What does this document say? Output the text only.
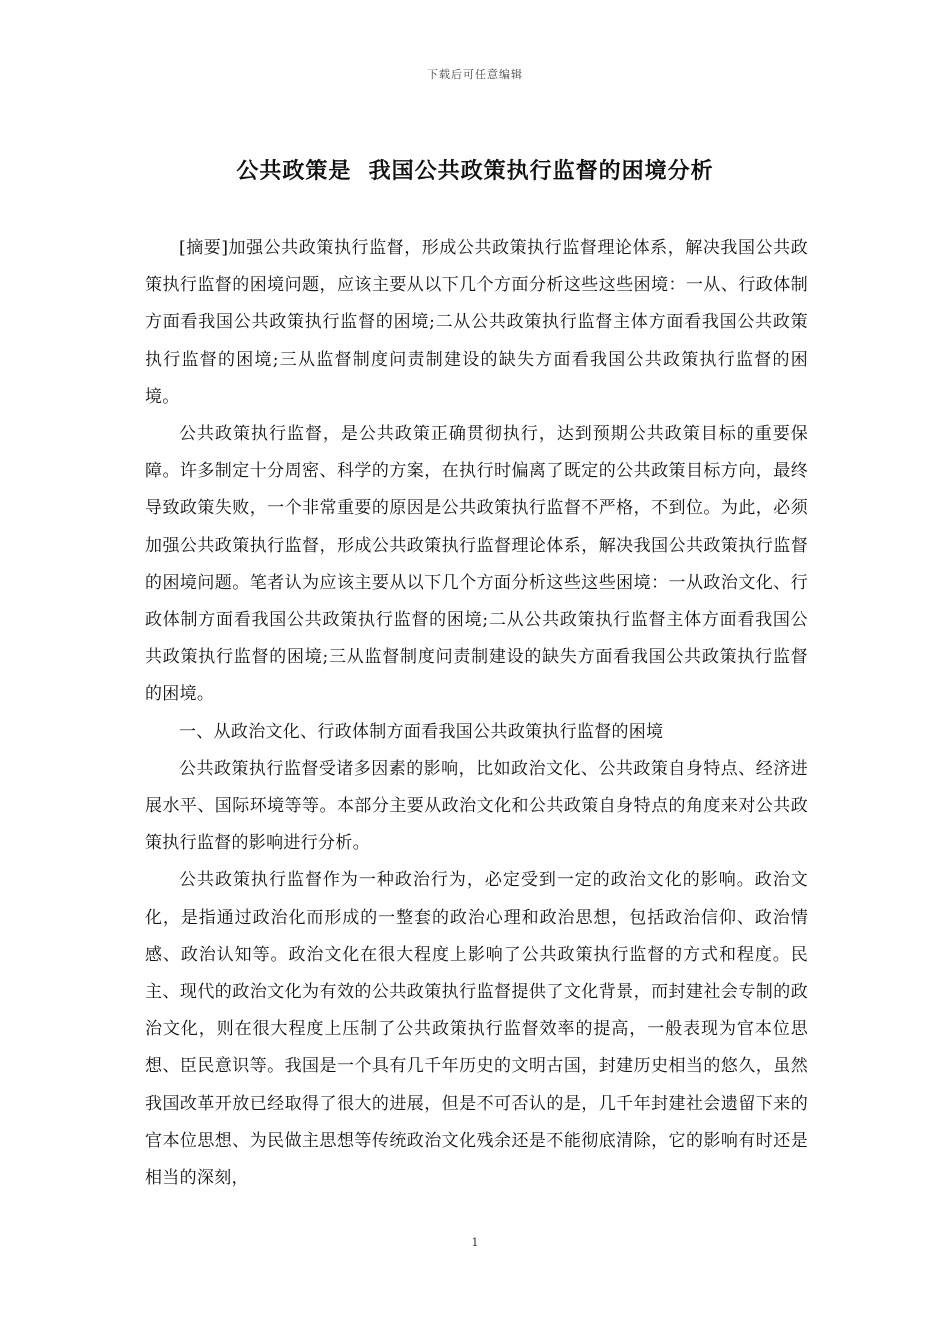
下载后可任意编辑
公共政策是  我国公共政策执行监督的困境分析

[摘要]加强公共政策执行监督，形成公共政策执行监督理论体系，解决我国公共政策执行监督的困境问题，应该主要从以下几个方面分析这些这些困境：一从、行政体制方面看我国公共政策执行监督的困境;二从公共政策执行监督主体方面看我国公共政策执行监督的困境;三从监督制度问责制建设的缺失方面看我国公共政策执行监督的困境。

公共政策执行监督，是公共政策正确贯彻执行，达到预期公共政策目标的重要保障。许多制定十分周密、科学的方案，在执行时偏离了既定的公共政策目标方向，最终导致政策失败，一个非常重要的原因是公共政策执行监督不严格，不到位。为此，必须加强公共政策执行监督，形成公共政策执行监督理论体系，解决我国公共政策执行监督的困境问题。笔者认为应该主要从以下几个方面分析这些这些困境：一从政治文化、行政体制方面看我国公共政策执行监督的困境;二从公共政策执行监督主体方面看我国公共政策执行监督的困境;三从监督制度问责制建设的缺失方面看我国公共政策执行监督的困境。

一、从政治文化、行政体制方面看我国公共政策执行监督的困境

公共政策执行监督受诸多因素的影响，比如政治文化、公共政策自身特点、经济进展水平、国际环境等等。本部分主要从政治文化和公共政策自身特点的角度来对公共政策执行监督的影响进行分析。

公共政策执行监督作为一种政治行为，必定受到一定的政治文化的影响。政治文化，是指通过政治化而形成的一整套的政治心理和政治思想，包括政治信仰、政治情感、政治认知等。政治文化在很大程度上影响了公共政策执行监督的方式和程度。民主、现代的政治文化为有效的公共政策执行监督提供了文化背景，而封建社会专制的政治文化，则在很大程度上压制了公共政策执行监督效率的提高，一般表现为官本位思想、臣民意识等。我国是一个具有几千年历史的文明古国，封建历史相当的悠久，虽然我国改革开放已经取得了很大的进展，但是不可否认的是，几千年封建社会遗留下来的官本位思想、为民做主思想等传统政治文化残余还是不能彻底清除，它的影响有时还是相当的深刻，

1
